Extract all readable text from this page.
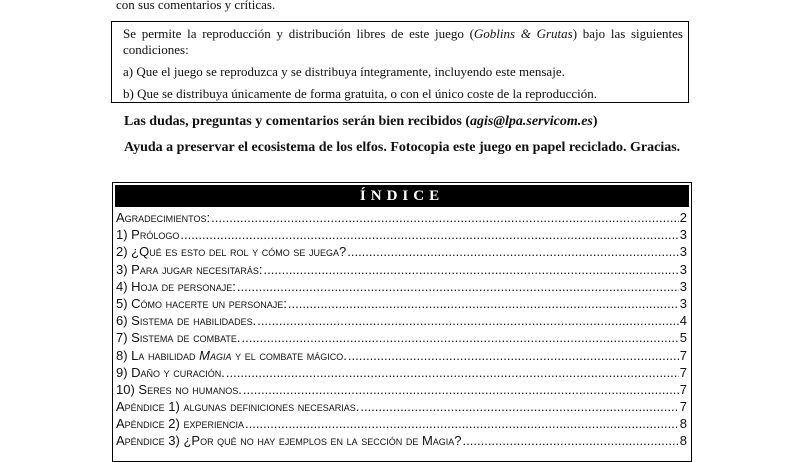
con sus comentarios y críticas.
Se permite la reproducción y distribución libres de este juego (Goblins & Grutas) bajo las siguientes condiciones:
a) Que el juego se reproduzca y se distribuya íntegramente, incluyendo este mensaje.
b) Que se distribuya únicamente de forma gratuita, o con el único coste de la reproducción.
Las dudas, preguntas y comentarios serán bien recibidos (agis@lpa.servicom.es)
Ayuda a preservar el ecosistema de los elfos. Fotocopia este juego en papel reciclado. Gracias.
ÍNDICE
Agradecimientos: .....	2
1) Prólogo .....	3
2) ¿Qué es esto del rol y cómo se juega? .....	3
3) Para jugar necesitarás: .....	3
4) Hoja de personaje: .....	3
5) Cómo hacerte un personaje: .....	3
6) Sistema de habilidades. .....	4
7) Sistema de combate. .....	5
8) La habilidad Magia y el combate mágico. .....	7
9) Daño y curación. .....	7
10) Seres no humanos. .....	7
Apéndice 1) algunas definiciones necesarias. .....	7
Apéndice 2) experiencia .....	8
Apéndice 3) ¿Por qué no hay ejemplos en la sección de Magia? .....	8
